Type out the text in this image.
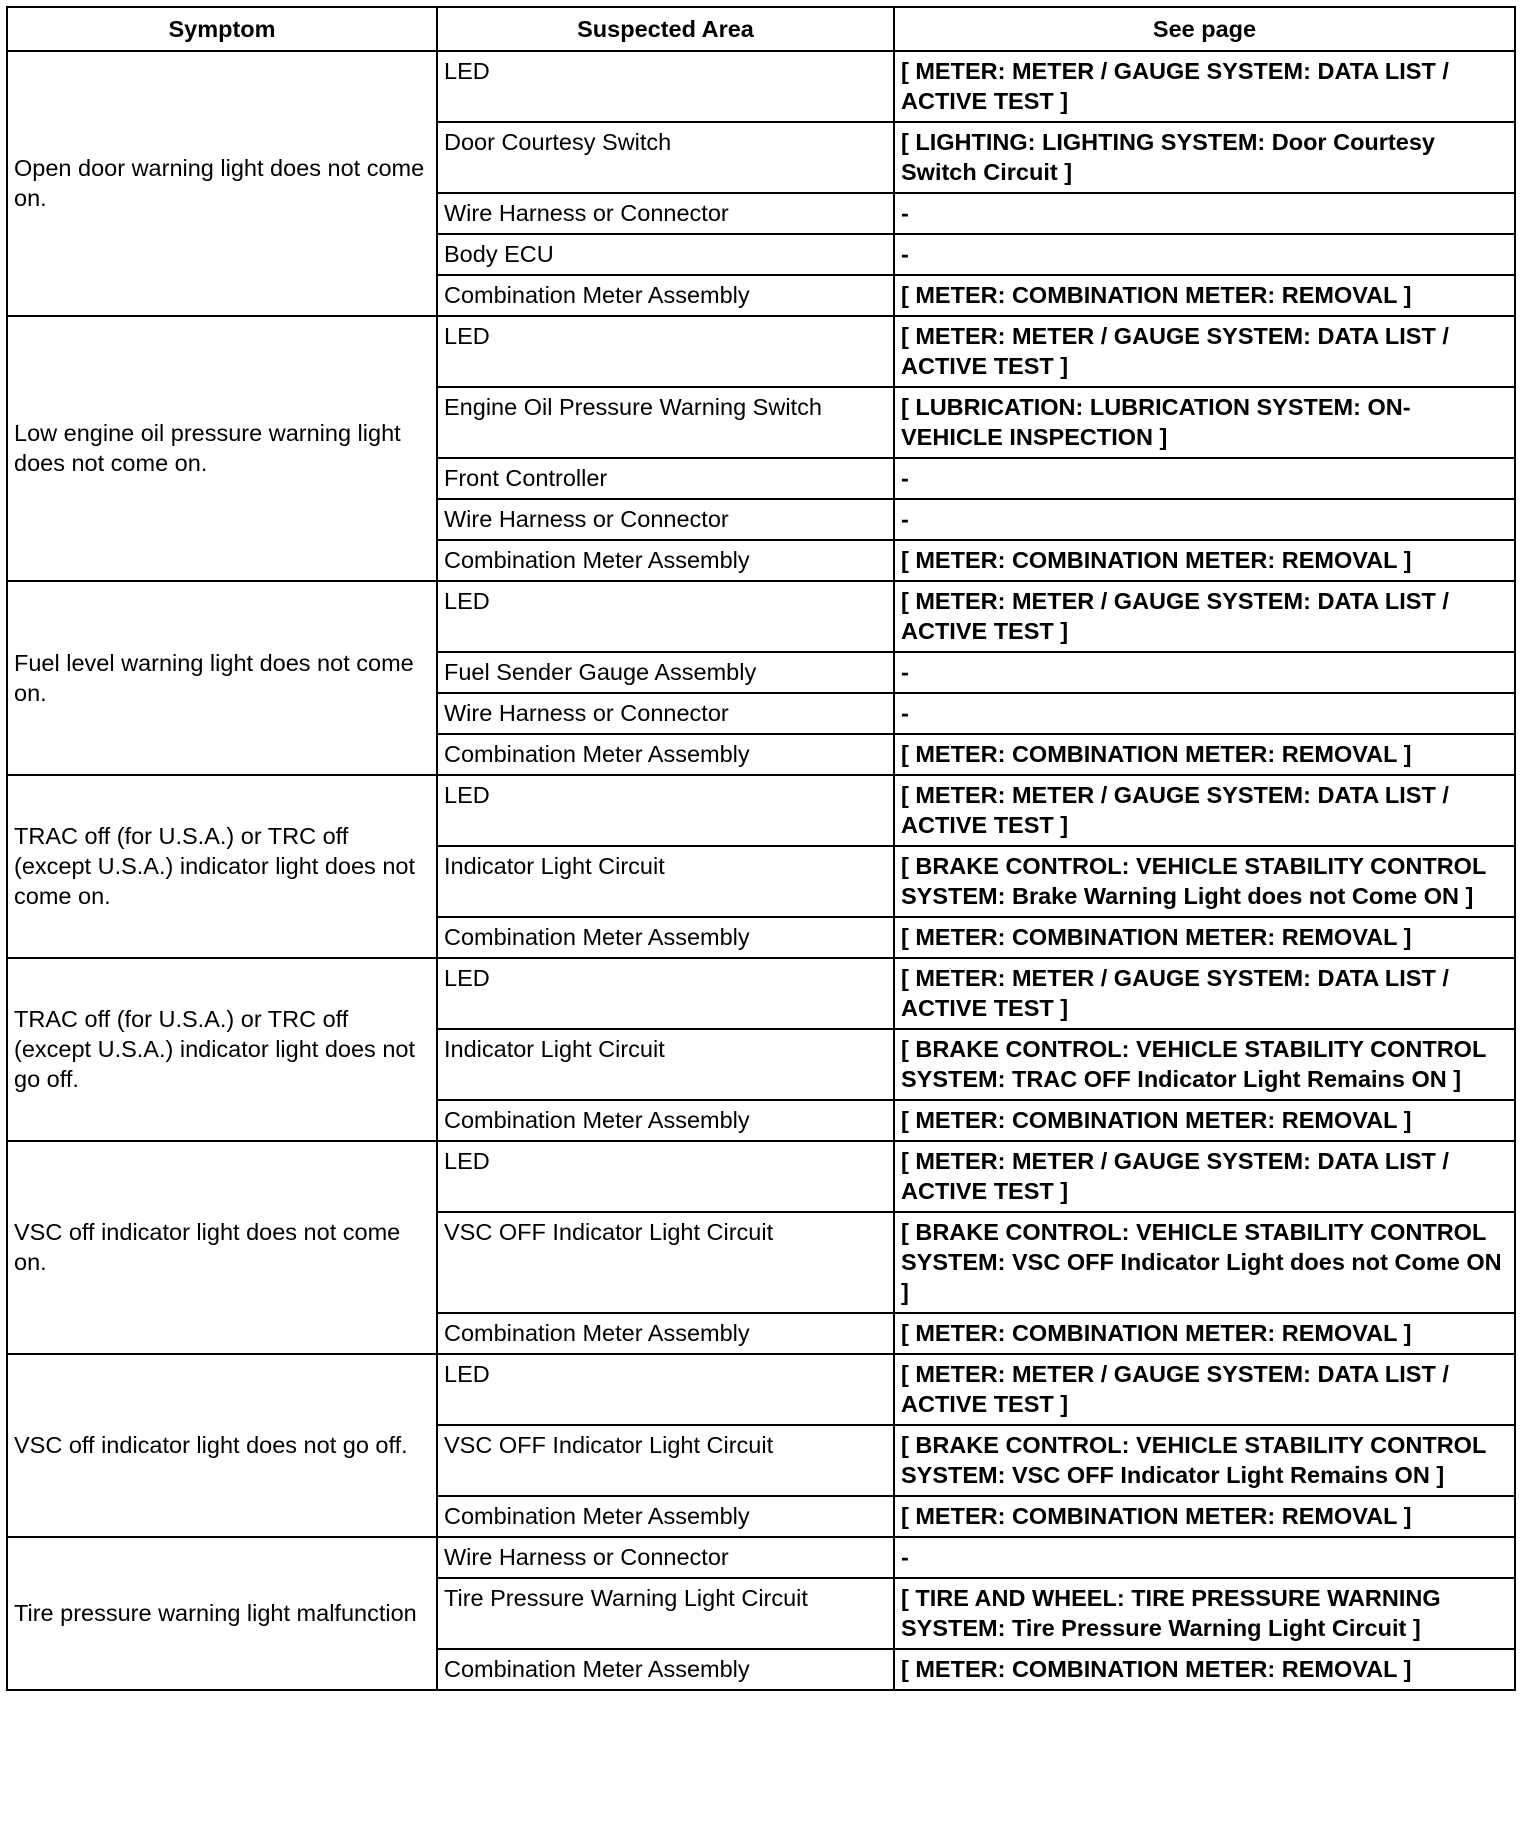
Symptom	Suspected Area	See page
Open door warning light does not come on.	LED	[ METER: METER / GAUGE SYSTEM: DATA LIST / ACTIVE TEST ]
	Door Courtesy Switch	[ LIGHTING: LIGHTING SYSTEM: Door Courtesy Switch Circuit ]
	Wire Harness or Connector	-
	Body ECU	-
	Combination Meter Assembly	[ METER: COMBINATION METER: REMOVAL ]
Low engine oil pressure warning light does not come on.	LED	[ METER: METER / GAUGE SYSTEM: DATA LIST / ACTIVE TEST ]
	Engine Oil Pressure Warning Switch	[ LUBRICATION: LUBRICATION SYSTEM: ON-VEHICLE INSPECTION ]
	Front Controller	-
	Wire Harness or Connector	-
	Combination Meter Assembly	[ METER: COMBINATION METER: REMOVAL ]
Fuel level warning light does not come on.	LED	[ METER: METER / GAUGE SYSTEM: DATA LIST / ACTIVE TEST ]
	Fuel Sender Gauge Assembly	-
	Wire Harness or Connector	-
	Combination Meter Assembly	[ METER: COMBINATION METER: REMOVAL ]
TRAC off (for U.S.A.) or TRC off (except U.S.A.) indicator light does not come on.	LED	[ METER: METER / GAUGE SYSTEM: DATA LIST / ACTIVE TEST ]
	Indicator Light Circuit	[ BRAKE CONTROL: VEHICLE STABILITY CONTROL SYSTEM: Brake Warning Light does not Come ON ]
	Combination Meter Assembly	[ METER: COMBINATION METER: REMOVAL ]
TRAC off (for U.S.A.) or TRC off (except U.S.A.) indicator light does not go off.	LED	[ METER: METER / GAUGE SYSTEM: DATA LIST / ACTIVE TEST ]
	Indicator Light Circuit	[ BRAKE CONTROL: VEHICLE STABILITY CONTROL SYSTEM: TRAC OFF Indicator Light Remains ON ]
	Combination Meter Assembly	[ METER: COMBINATION METER: REMOVAL ]
VSC off indicator light does not come on.	LED	[ METER: METER / GAUGE SYSTEM: DATA LIST / ACTIVE TEST ]
	VSC OFF Indicator Light Circuit	[ BRAKE CONTROL: VEHICLE STABILITY CONTROL SYSTEM: VSC OFF Indicator Light does not Come ON ]
	Combination Meter Assembly	[ METER: COMBINATION METER: REMOVAL ]
VSC off indicator light does not go off.	LED	[ METER: METER / GAUGE SYSTEM: DATA LIST / ACTIVE TEST ]
	VSC OFF Indicator Light Circuit	[ BRAKE CONTROL: VEHICLE STABILITY CONTROL SYSTEM: VSC OFF Indicator Light Remains ON ]
	Combination Meter Assembly	[ METER: COMBINATION METER: REMOVAL ]
Tire pressure warning light malfunction	Wire Harness or Connector	-
	Tire Pressure Warning Light Circuit	[ TIRE AND WHEEL: TIRE PRESSURE WARNING SYSTEM: Tire Pressure Warning Light Circuit ]
	Combination Meter Assembly	[ METER: COMBINATION METER: REMOVAL ]
